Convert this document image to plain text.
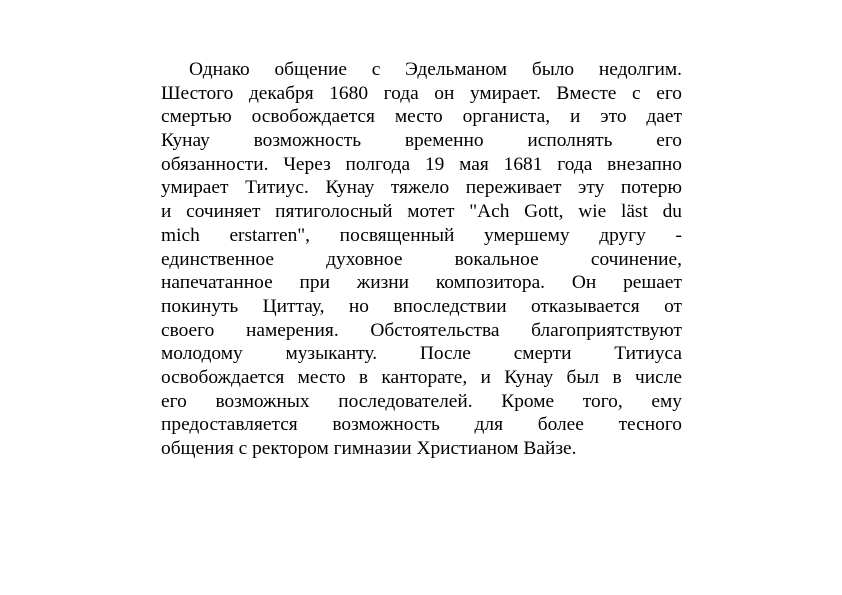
Однако общение с Эдельманом было недолгим.
Шестого декабря 1680 года он умирает. Вместе с его
смертью освобождается место органиста, и это дает
Кунау возможность временно исполнять его
обязанности. Через полгода 19 мая 1681 года внезапно
умирает Титиус. Кунау тяжело переживает эту потерю
и сочиняет пятиголосный мотет "Ach Gott, wie läst du
mich erstarren", посвященный умершему другу -
единственное духовное вокальное сочинение,
напечатанное при жизни композитора. Он решает
покинуть Циттау, но впоследствии отказывается от
своего намерения. Обстоятельства благоприятствуют
молодому музыканту. После смерти Титиуса
освобождается место в канторате, и Кунау был в числе
его возможных последователей. Кроме того, ему
предоставляется возможность для более тесного
общения с ректором гимназии Христианом Вайзе.
